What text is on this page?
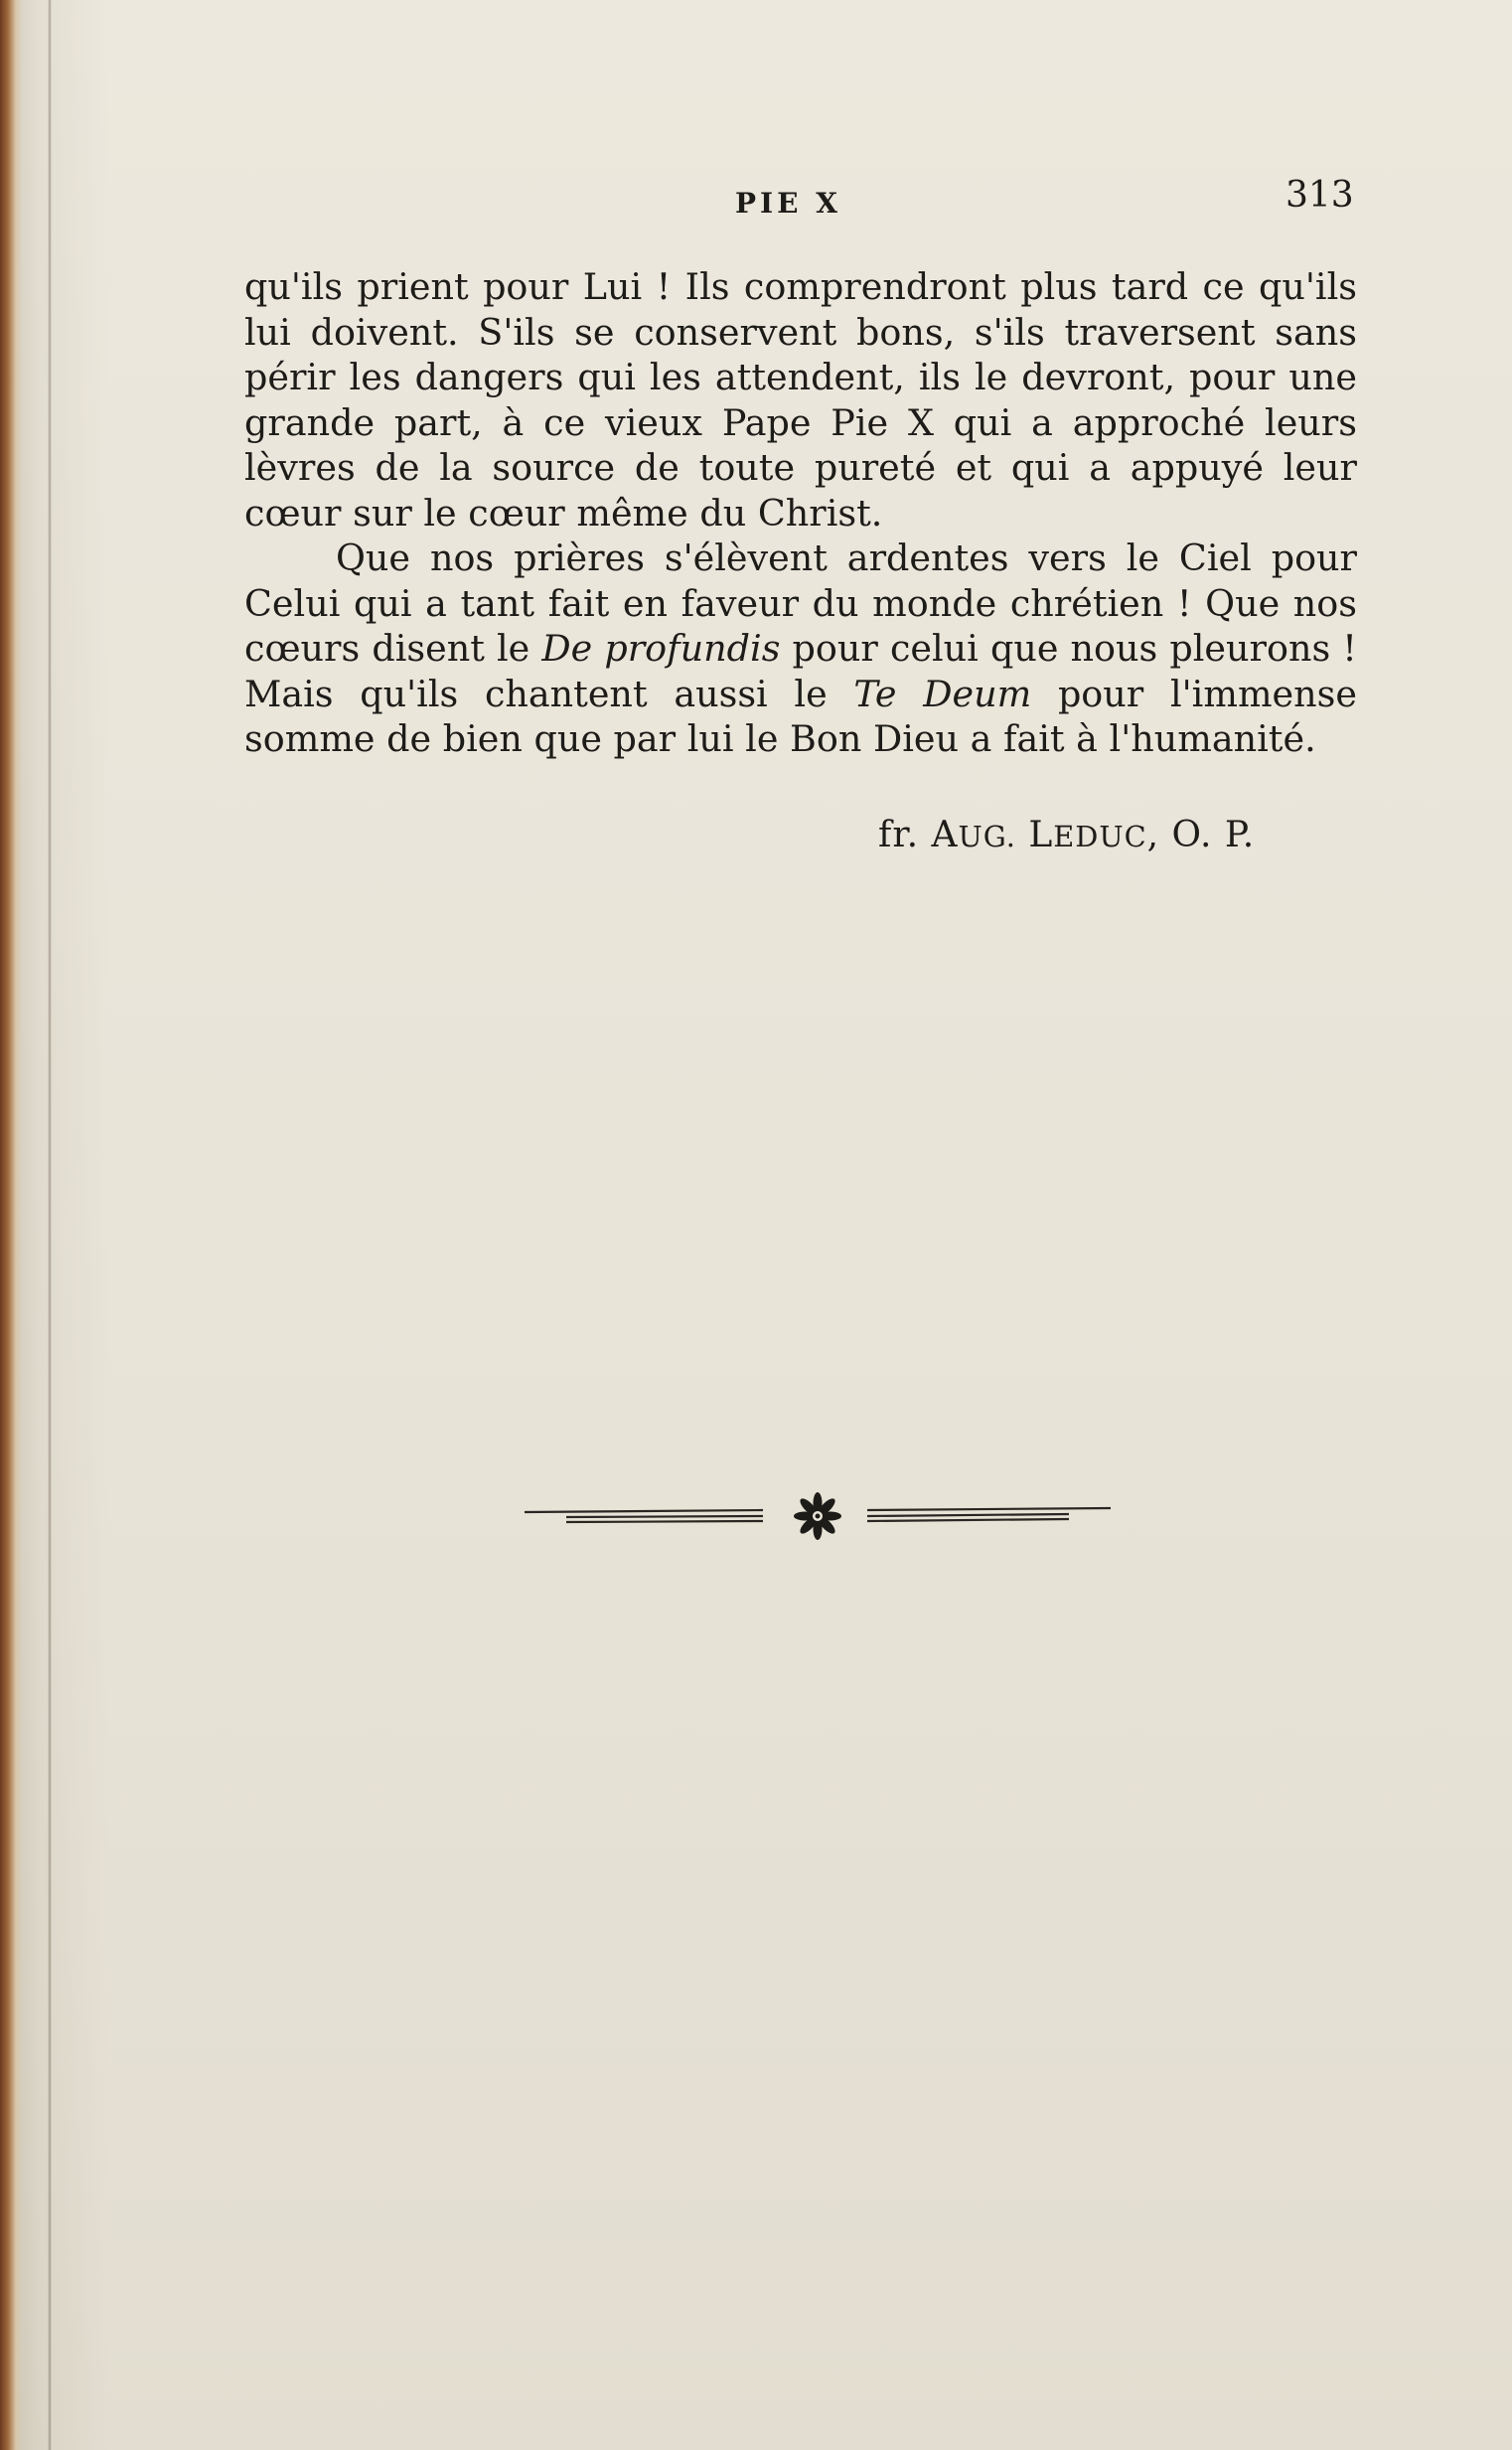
PIE X	313

qu'ils prient pour Lui ! Ils comprendront plus tard ce qu'ils lui doivent. S'ils se conservent bons, s'ils traversent sans périr les dangers qui les attendent, ils le devront, pour une grande part, à ce vieux Pape Pie X qui a approché leurs lèvres de la source de toute pureté et qui a appuyé leur cœur sur le cœur même du Christ.

Que nos prières s'élèvent ardentes vers le Ciel pour Celui qui a tant fait en faveur du monde chrétien ! Que nos cœurs disent le De profundis pour celui que nous pleurons ! Mais qu'ils chantent aussi le Te Deum pour l'immense somme de bien que par lui le Bon Dieu a fait à l'humanité.

fr. AUG. LEDUC, O. P.
